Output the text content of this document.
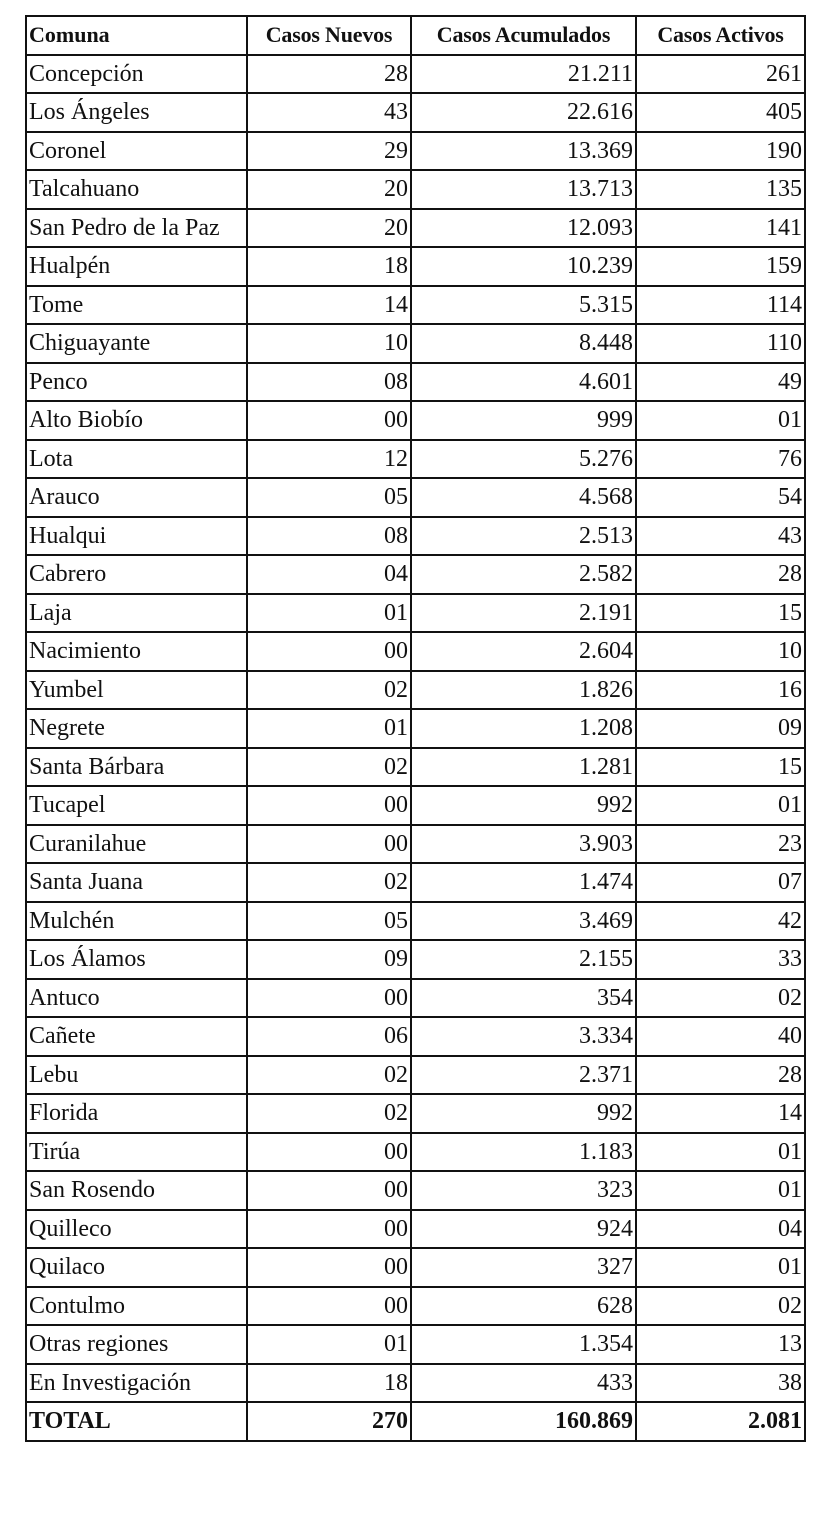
Comuna	Casos Nuevos	Casos Acumulados	Casos Activos
Concepción	28	21.211	261
Los Ángeles	43	22.616	405
Coronel	29	13.369	190
Talcahuano	20	13.713	135
San Pedro de la Paz	20	12.093	141
Hualpén	18	10.239	159
Tome	14	5.315	114
Chiguayante	10	8.448	110
Penco	08	4.601	49
Alto Biobío	00	999	01
Lota	12	5.276	76
Arauco	05	4.568	54
Hualqui	08	2.513	43
Cabrero	04	2.582	28
Laja	01	2.191	15
Nacimiento	00	2.604	10
Yumbel	02	1.826	16
Negrete	01	1.208	09
Santa Bárbara	02	1.281	15
Tucapel	00	992	01
Curanilahue	00	3.903	23
Santa Juana	02	1.474	07
Mulchén	05	3.469	42
Los Álamos	09	2.155	33
Antuco	00	354	02
Cañete	06	3.334	40
Lebu	02	2.371	28
Florida	02	992	14
Tirúa	00	1.183	01
San Rosendo	00	323	01
Quilleco	00	924	04
Quilaco	00	327	01
Contulmo	00	628	02
Otras regiones	01	1.354	13
En Investigación	18	433	38
TOTAL	270	160.869	2.081
